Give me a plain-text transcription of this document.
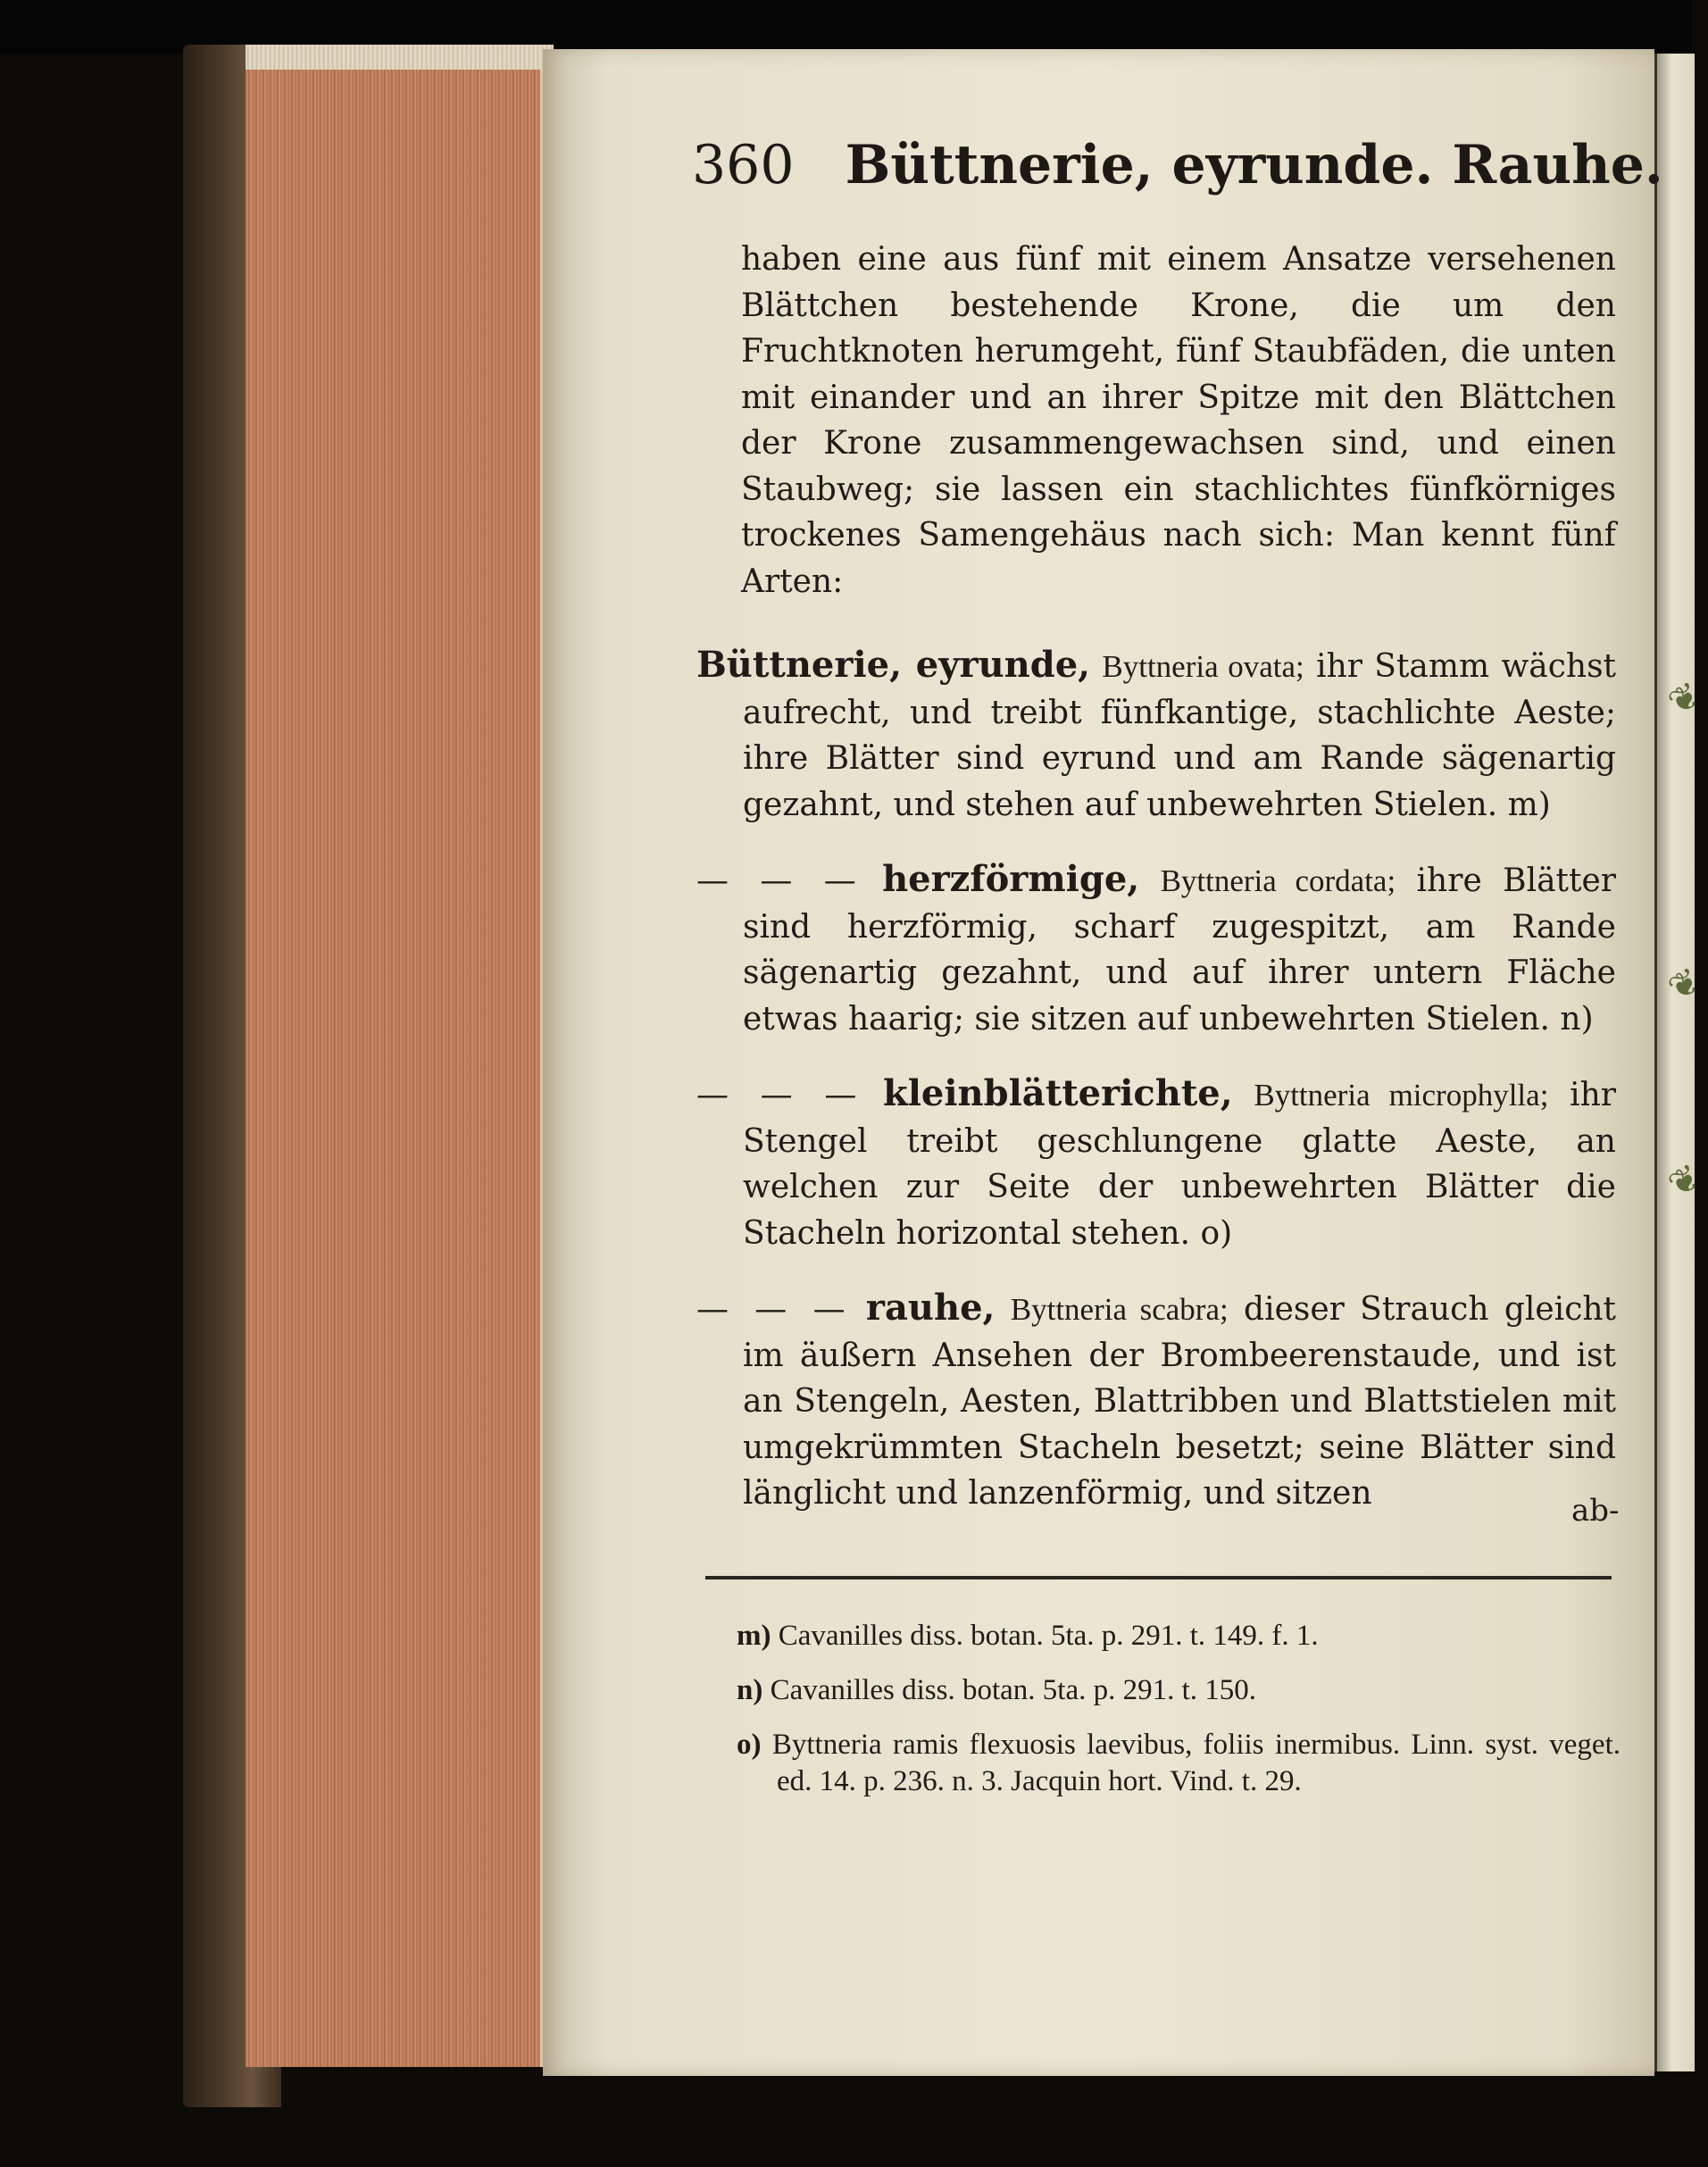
❦
❦
❦
360 Büttnerie, eyrunde. Rauhe.

haben eine aus fünf mit einem Ansatze versehenen Blättchen bestehende Krone, die um den Fruchtknoten herumgeht, fünf Staubfäden, die unten mit einander und an ihrer Spitze mit den Blättchen der Krone zusammengewachsen sind, und einen Staubweg; sie lassen ein stachlichtes fünfkörniges trockenes Samengehäus nach sich: Man kennt fünf Arten:

Büttnerie, eyrunde, Byttneria ovata; ihr Stamm wächst aufrecht, und treibt fünfkantige, stachlichte Aeste; ihre Blätter sind eyrund und am Rande sägenartig gezahnt, und stehen auf unbewehrten Stielen. m)

— — — herzförmige, Byttneria cordata; ihre Blätter sind herzförmig, scharf zugespitzt, am Rande sägenartig gezahnt, und auf ihrer untern Fläche etwas haarig; sie sitzen auf unbewehrten Stielen. n)

— — — kleinblätterichte, Byttneria microphylla; ihr Stengel treibt geschlungene glatte Aeste, an welchen zur Seite der unbewehrten Blätter die Stacheln horizontal stehen. o)

— — — rauhe, Byttneria scabra; dieser Strauch gleicht im äußern Ansehen der Brombeerenstaude, und ist an Stengeln, Aesten, Blattribben und Blattstielen mit umgekrümmten Stacheln besetzt; seine Blätter sind länglicht und lanzenförmig, und sitzen	ab-

m) Cavanilles diss. botan. 5ta. p. 291. t. 149. f. 1.

n) Cavanilles diss. botan. 5ta. p. 291. t. 150.

o) Byttneria ramis flexuosis laevibus, foliis inermibus. Linn. syst. veget. ed. 14. p. 236. n. 3. Jacquin hort. Vind. t. 29.
